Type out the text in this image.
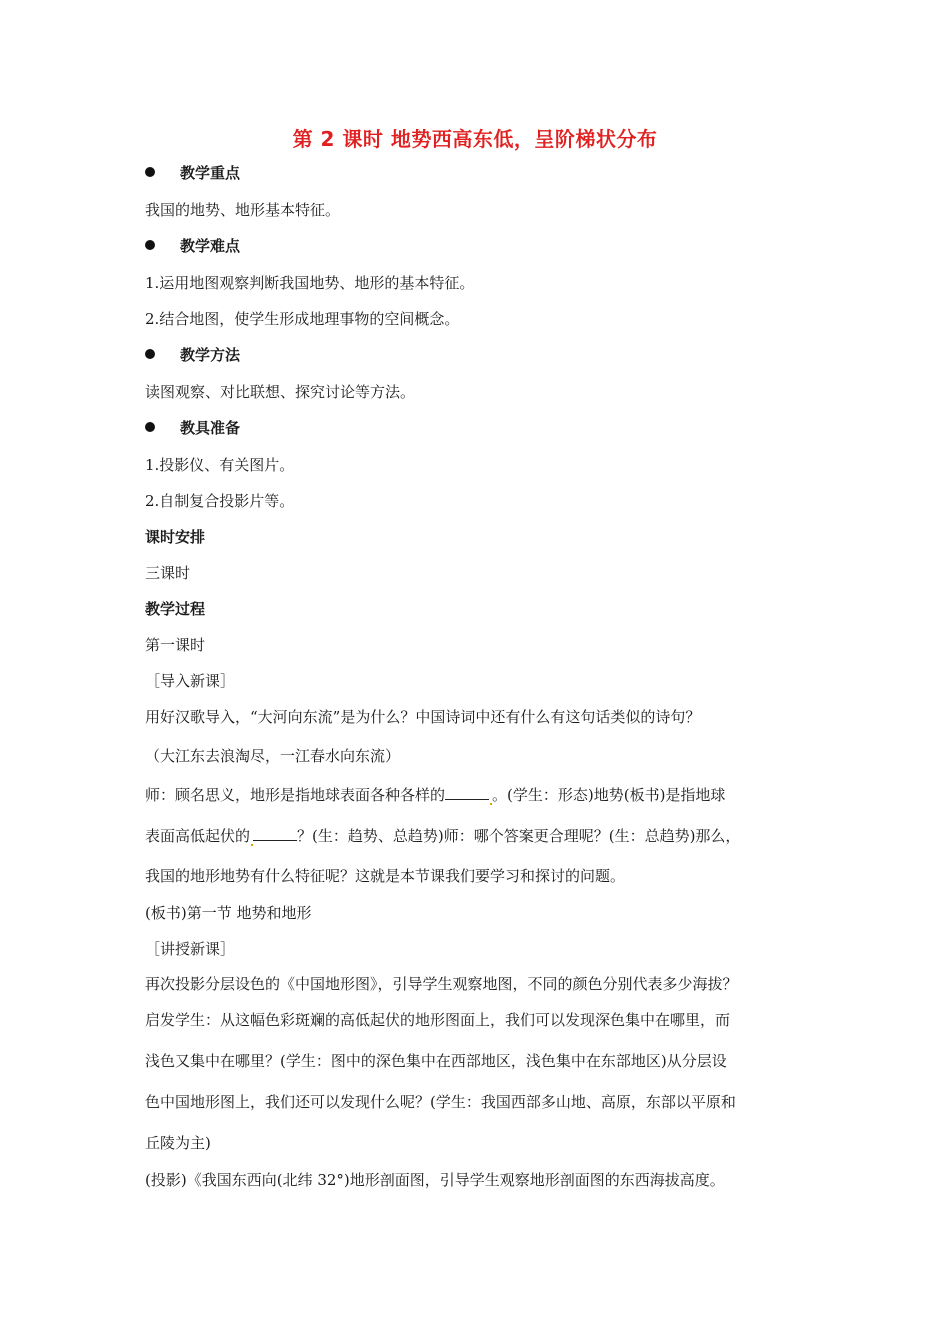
第 2 课时 地势西高东低，呈阶梯状分布
教学重点
我国的地势、地形基本特征。
教学难点
1.运用地图观察判断我国地势、地形的基本特征。
2.结合地图，使学生形成地理事物的空间概念。
教学方法
读图观察、对比联想、探究讨论等方法。
教具准备
1.投影仪、有关图片。
2.自制复合投影片等。
课时安排
三课时
教学过程
第一课时
［导入新课］
用好汉歌导入，“大河向东流”是为什么？中国诗词中还有什么有这句话类似的诗句？
（大江东去浪淘尽，一江春水向东流）
师：顾名思义，地形是指地球表面各种各样的	。(学生：形态)地势(板书)是指地球
表面高低起伏的	？(生：趋势、总趋势)师：哪个答案更合理呢？(生：总趋势)那么，
我国的地形地势有什么特征呢？这就是本节课我们要学习和探讨的问题。
(板书)第一节 地势和地形
［讲授新课］
再次投影分层设色的《中国地形图》，引导学生观察地图，不同的颜色分别代表多少海拔？
启发学生：从这幅色彩斑斓的高低起伏的地形图面上，我们可以发现深色集中在哪里，而
浅色又集中在哪里？(学生：图中的深色集中在西部地区，浅色集中在东部地区)从分层设
色中国地形图上，我们还可以发现什么呢？(学生：我国西部多山地、高原，东部以平原和
丘陵为主)
(投影)《我国东西向(北纬 32°)地形剖面图，引导学生观察地形剖面图的东西海拔高度。
